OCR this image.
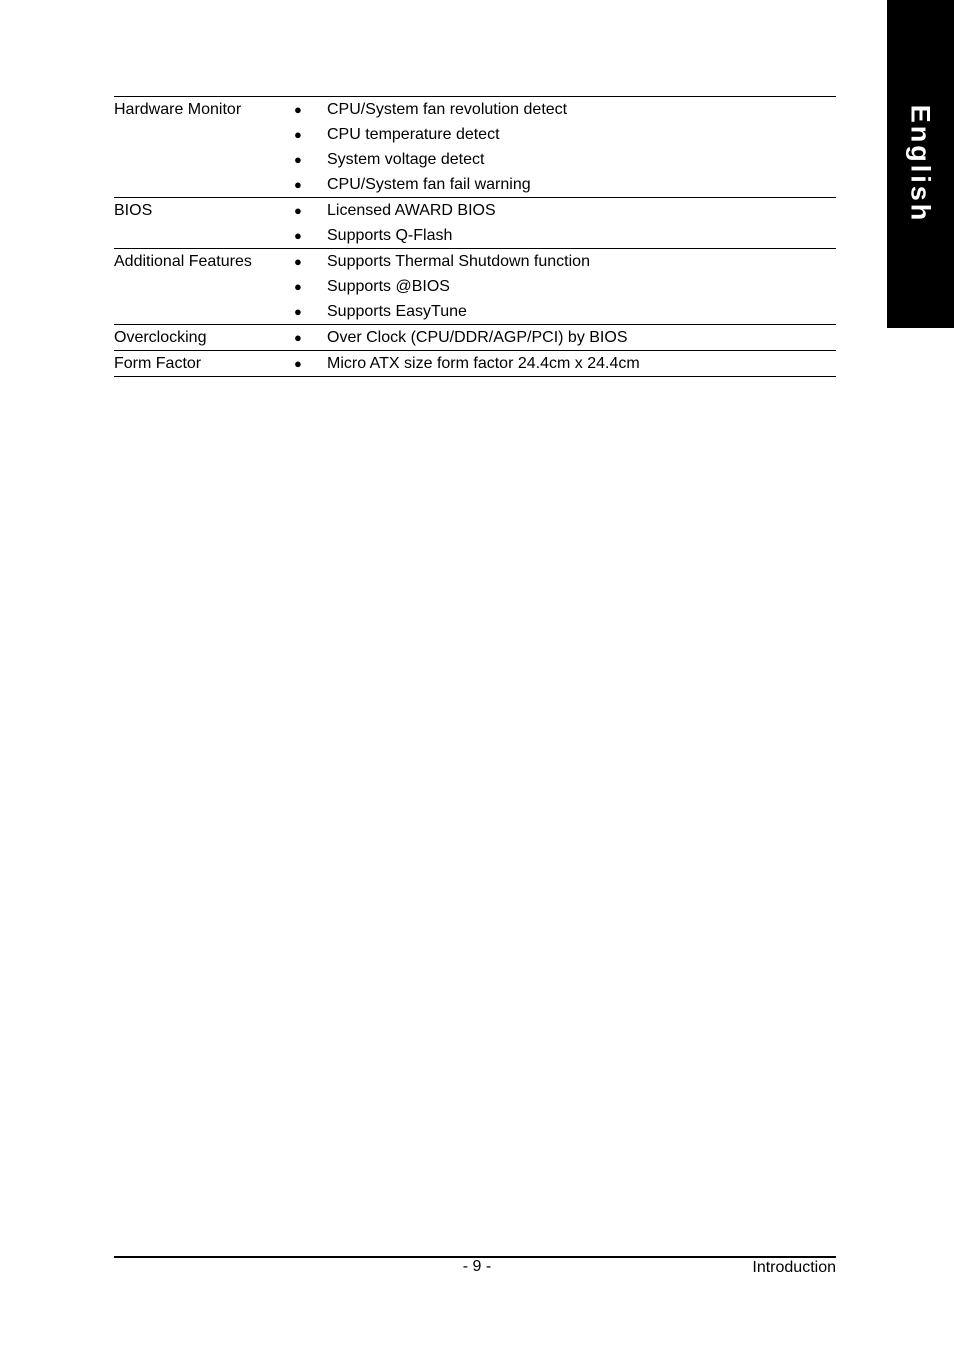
English
Hardware Monitor	●	CPU/System fan revolution detect
●	CPU temperature detect
●	System voltage detect
●	CPU/System fan fail warning
BIOS	●	Licensed AWARD BIOS
●	Supports Q-Flash
Additional Features	●	Supports Thermal Shutdown function
●	Supports @BIOS
●	Supports EasyTune
Overclocking	●	Over Clock (CPU/DDR/AGP/PCI) by BIOS
Form Factor	●	Micro ATX size form factor 24.4cm x 24.4cm
- 9 -	Introduction
